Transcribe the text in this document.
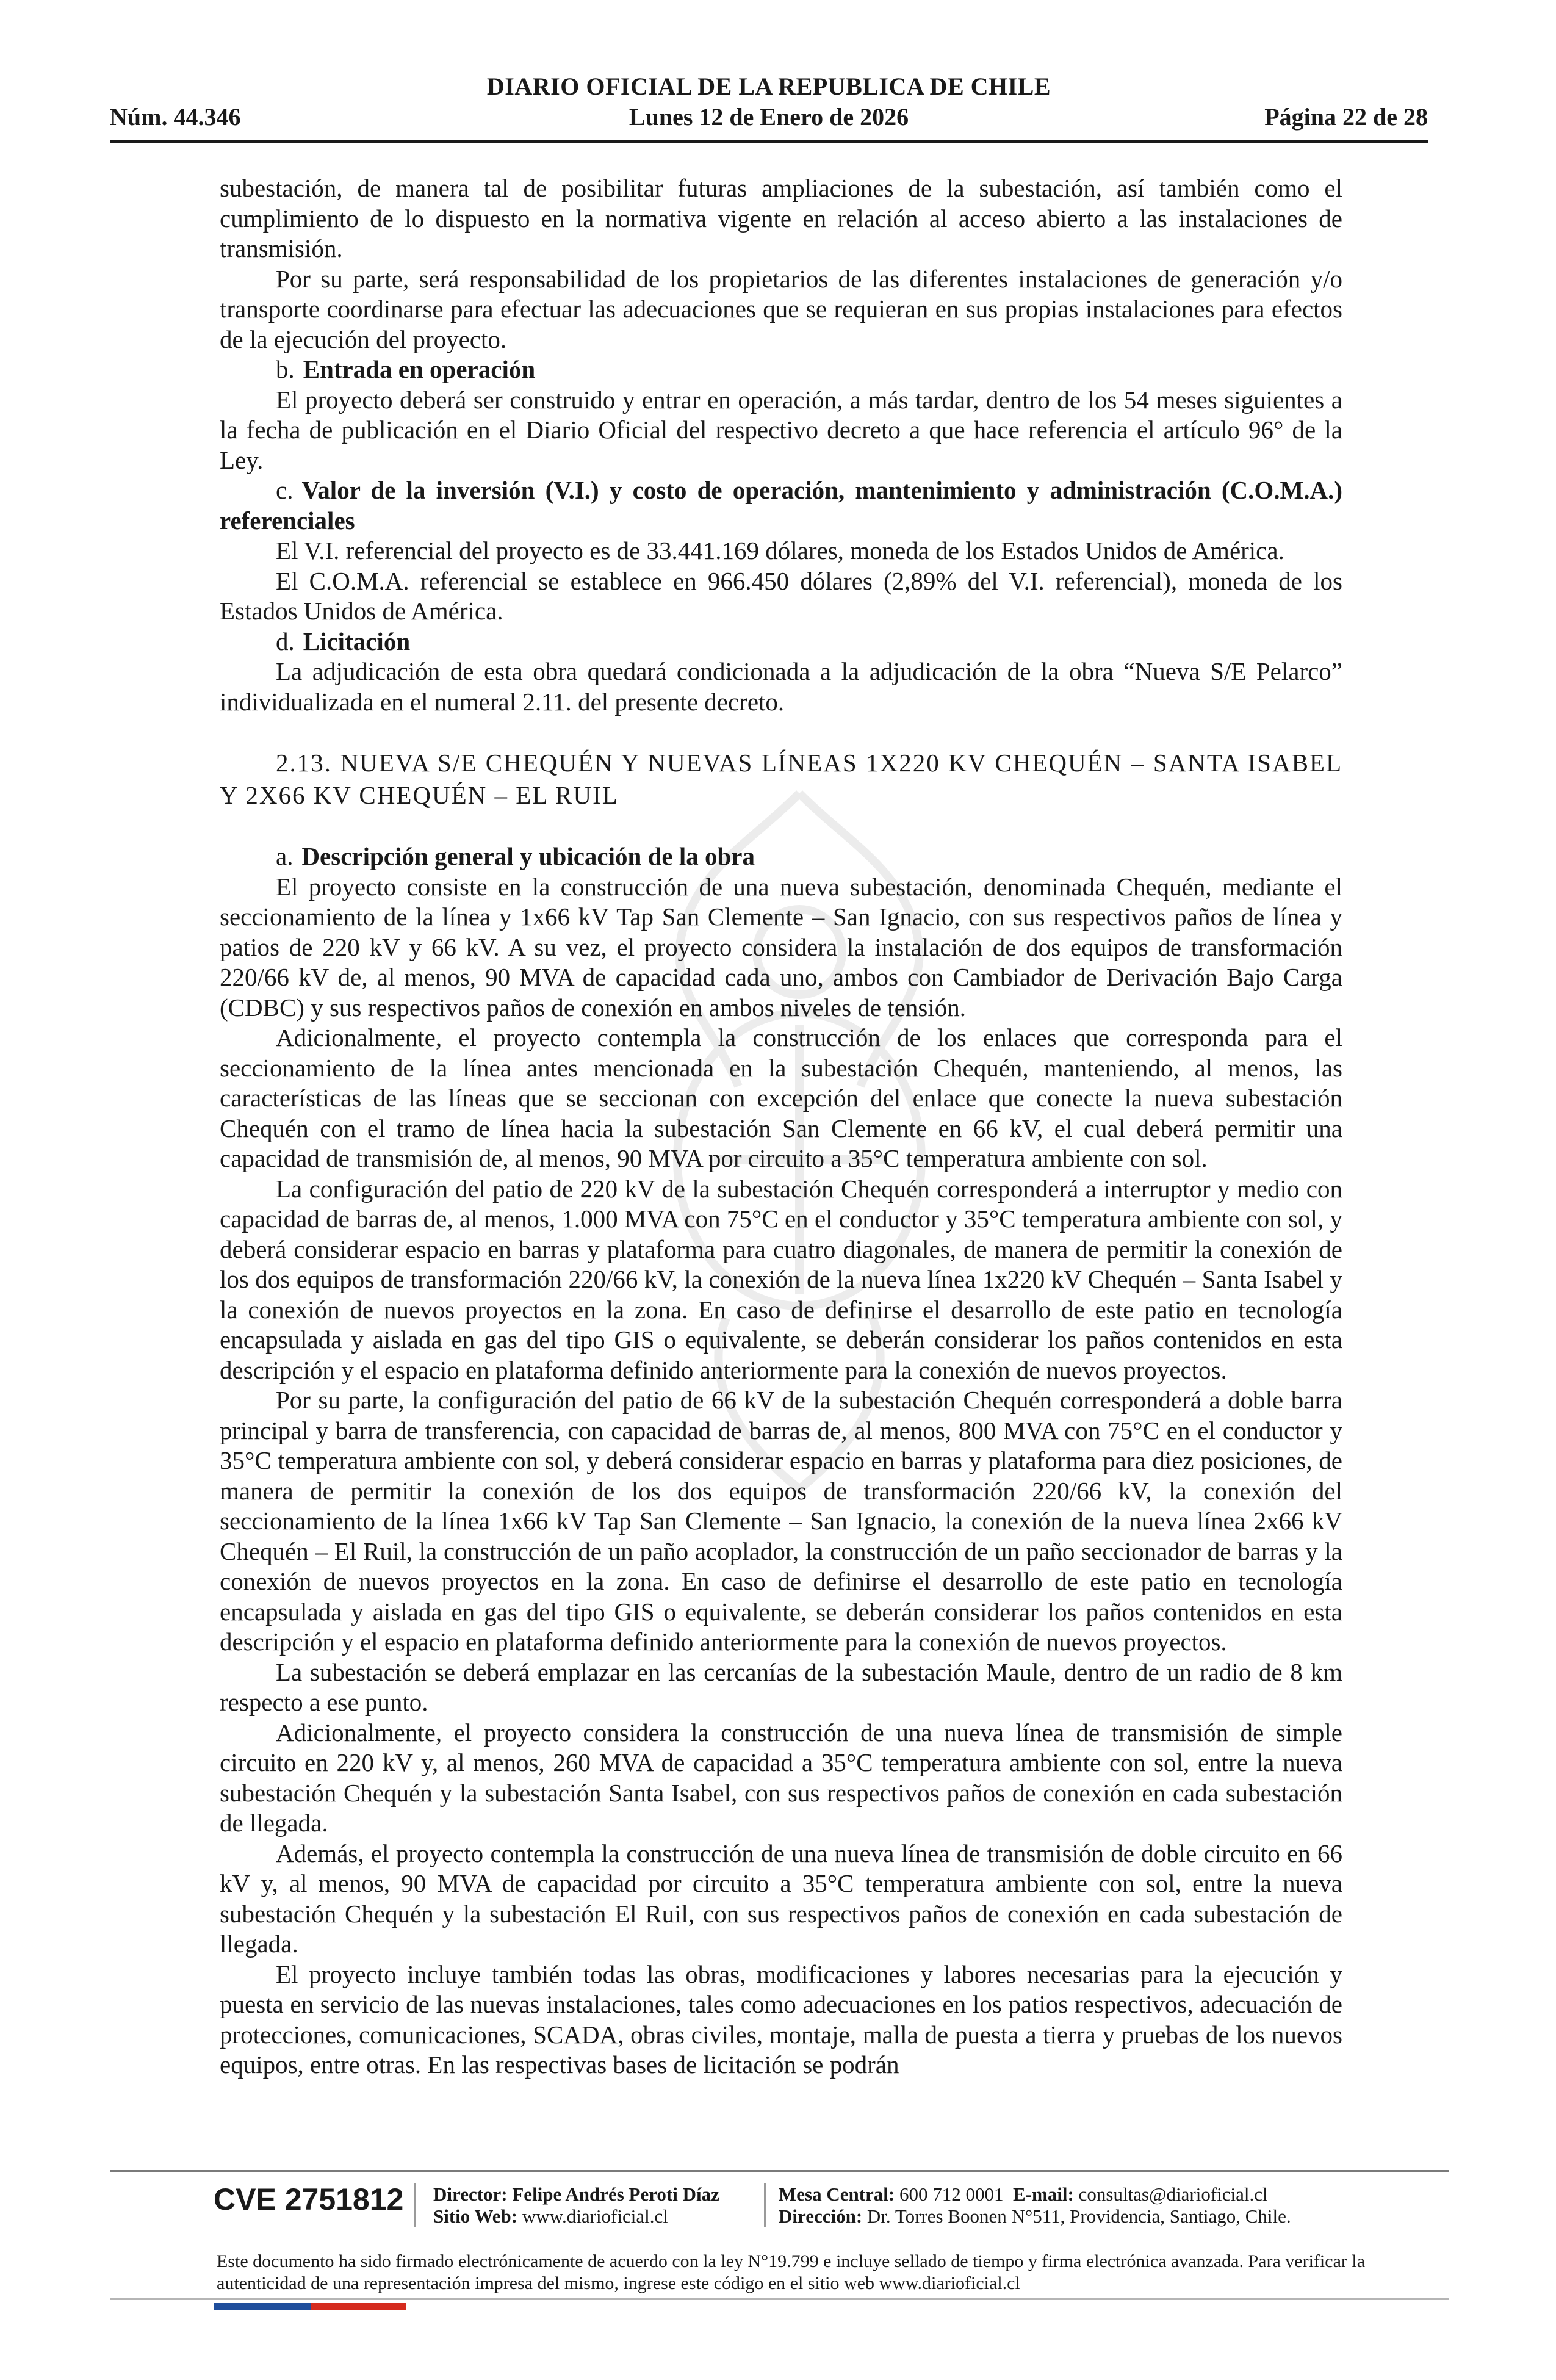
DIARIO OFICIAL DE LA REPUBLICA DE CHILE
Núm. 44.346	Lunes 12 de Enero de 2026	Página 22 de 28

subestación, de manera tal de posibilitar futuras ampliaciones de la subestación, así también como el cumplimiento de lo dispuesto en la normativa vigente en relación al acceso abierto a las instalaciones de transmisión.

Por su parte, será responsabilidad de los propietarios de las diferentes instalaciones de generación y/o transporte coordinarse para efectuar las adecuaciones que se requieran en sus propias instalaciones para efectos de la ejecución del proyecto.

b. Entrada en operación

El proyecto deberá ser construido y entrar en operación, a más tardar, dentro de los 54 meses siguientes a la fecha de publicación en el Diario Oficial del respectivo decreto a que hace referencia el artículo 96° de la Ley.

c. Valor de la inversión (V.I.) y costo de operación, mantenimiento y administración (C.O.M.A.) referenciales

El V.I. referencial del proyecto es de 33.441.169 dólares, moneda de los Estados Unidos de América.

El C.O.M.A. referencial se establece en 966.450 dólares (2,89% del V.I. referencial), moneda de los Estados Unidos de América.

d. Licitación

La adjudicación de esta obra quedará condicionada a la adjudicación de la obra “Nueva S/E Pelarco” individualizada en el numeral 2.11. del presente decreto.

2.13. NUEVA S/E CHEQUÉN Y NUEVAS LÍNEAS 1X220 KV CHEQUÉN – SANTA ISABEL Y 2X66 KV CHEQUÉN – EL RUIL

a. Descripción general y ubicación de la obra

El proyecto consiste en la construcción de una nueva subestación, denominada Chequén, mediante el seccionamiento de la línea y 1x66 kV Tap San Clemente – San Ignacio, con sus respectivos paños de línea y patios de 220 kV y 66 kV. A su vez, el proyecto considera la instalación de dos equipos de transformación 220/66 kV de, al menos, 90 MVA de capacidad cada uno, ambos con Cambiador de Derivación Bajo Carga (CDBC) y sus respectivos paños de conexión en ambos niveles de tensión.

Adicionalmente, el proyecto contempla la construcción de los enlaces que corresponda para el seccionamiento de la línea antes mencionada en la subestación Chequén, manteniendo, al menos, las características de las líneas que se seccionan con excepción del enlace que conecte la nueva subestación Chequén con el tramo de línea hacia la subestación San Clemente en 66 kV, el cual deberá permitir una capacidad de transmisión de, al menos, 90 MVA por circuito a 35°C temperatura ambiente con sol.

La configuración del patio de 220 kV de la subestación Chequén corresponderá a interruptor y medio con capacidad de barras de, al menos, 1.000 MVA con 75°C en el conductor y 35°C temperatura ambiente con sol, y deberá considerar espacio en barras y plataforma para cuatro diagonales, de manera de permitir la conexión de los dos equipos de transformación 220/66 kV, la conexión de la nueva línea 1x220 kV Chequén – Santa Isabel y la conexión de nuevos proyectos en la zona. En caso de definirse el desarrollo de este patio en tecnología encapsulada y aislada en gas del tipo GIS o equivalente, se deberán considerar los paños contenidos en esta descripción y el espacio en plataforma definido anteriormente para la conexión de nuevos proyectos.

Por su parte, la configuración del patio de 66 kV de la subestación Chequén corresponderá a doble barra principal y barra de transferencia, con capacidad de barras de, al menos, 800 MVA con 75°C en el conductor y 35°C temperatura ambiente con sol, y deberá considerar espacio en barras y plataforma para diez posiciones, de manera de permitir la conexión de los dos equipos de transformación 220/66 kV, la conexión del seccionamiento de la línea 1x66 kV Tap San Clemente – San Ignacio, la conexión de la nueva línea 2x66 kV Chequén – El Ruil, la construcción de un paño acoplador, la construcción de un paño seccionador de barras y la conexión de nuevos proyectos en la zona. En caso de definirse el desarrollo de este patio en tecnología encapsulada y aislada en gas del tipo GIS o equivalente, se deberán considerar los paños contenidos en esta descripción y el espacio en plataforma definido anteriormente para la conexión de nuevos proyectos.

La subestación se deberá emplazar en las cercanías de la subestación Maule, dentro de un radio de 8 km respecto a ese punto.

Adicionalmente, el proyecto considera la construcción de una nueva línea de transmisión de simple circuito en 220 kV y, al menos, 260 MVA de capacidad a 35°C temperatura ambiente con sol, entre la nueva subestación Chequén y la subestación Santa Isabel, con sus respectivos paños de conexión en cada subestación de llegada.

Además, el proyecto contempla la construcción de una nueva línea de transmisión de doble circuito en 66 kV y, al menos, 90 MVA de capacidad por circuito a 35°C temperatura ambiente con sol, entre la nueva subestación Chequén y la subestación El Ruil, con sus respectivos paños de conexión en cada subestación de llegada.

El proyecto incluye también todas las obras, modificaciones y labores necesarias para la ejecución y puesta en servicio de las nuevas instalaciones, tales como adecuaciones en los patios respectivos, adecuación de protecciones, comunicaciones, SCADA, obras civiles, montaje, malla de puesta a tierra y pruebas de los nuevos equipos, entre otras. En las respectivas bases de licitación se podrán

CVE 2751812 Director: Felipe Andrés Peroti Díaz
Sitio Web: www.diarioficial.cl
Mesa Central: 600 712 0001 E-mail: consultas@diarioficial.cl
Dirección: Dr. Torres Boonen N°511, Providencia, Santiago, Chile.
Este documento ha sido firmado electrónicamente de acuerdo con la ley N°19.799 e incluye sellado de tiempo y firma electrónica avanzada. Para verificar la autenticidad de una representación impresa del mismo, ingrese este código en el sitio web www.diarioficial.cl
